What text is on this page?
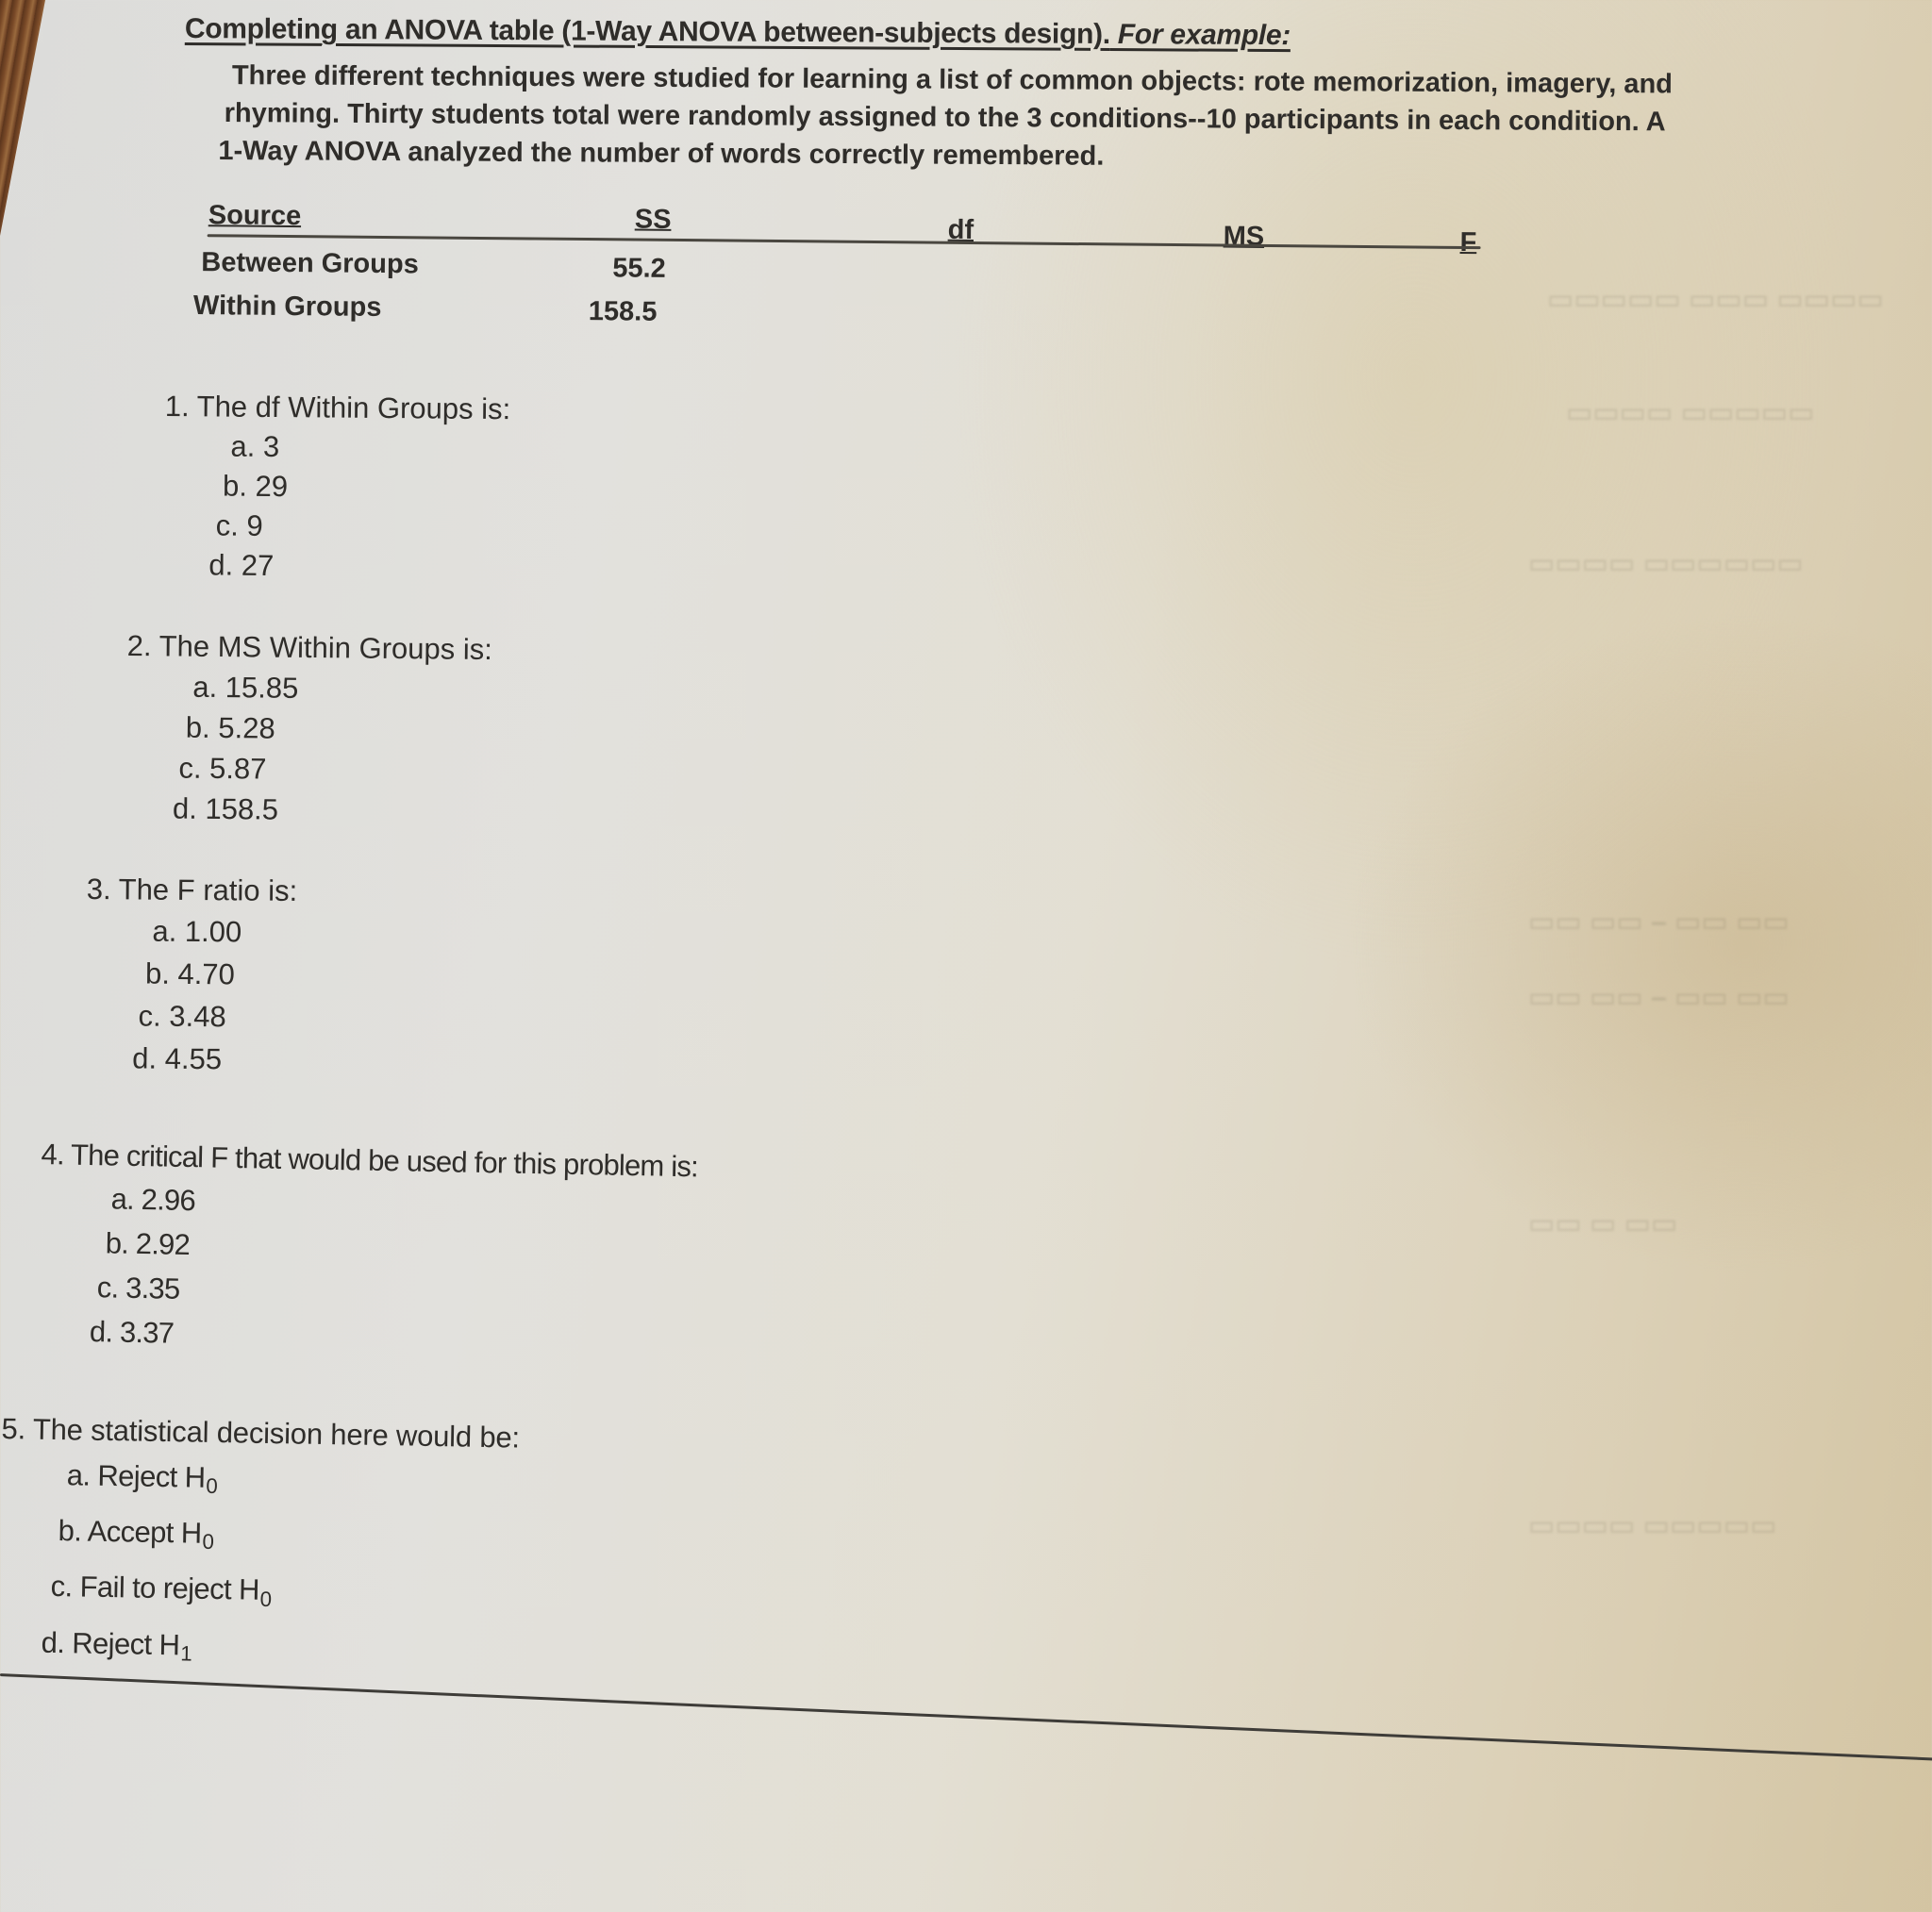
▭▭▭▭ ▭▭▭ ▭▭▭▭▭
▭▭▭▭▭ ▭▭▭▭
▭▭▭▭▭▭ ▭▭▭▭
▭▭ ▭▭ – ▭▭ ▭▭
▭▭ ▭▭ – ▭▭ ▭▭
▭▭ ▭ ▭▭
▭▭▭▭▭ ▭▭▭▭
Completing an ANOVA table (1-Way ANOVA between-subjects design). For example:
Three different techniques were studied for learning a list of common objects: rote memorization, imagery, and
rhyming. Thirty students total were randomly assigned to the 3 conditions--10 participants in each condition. A
1-Way ANOVA analyzed the number of words correctly remembered.
Source	SS	df	MS	F
Between Groups	55.2
Within Groups	158.5
1. The df Within Groups is:
a. 3
b. 29
c. 9
d. 27
2. The MS Within Groups is:
a. 15.85
b. 5.28
c. 5.87
d. 158.5
3. The F ratio is:
a. 1.00
b. 4.70
c. 3.48
d. 4.55
4. The critical F that would be used for this problem is:
a. 2.96
b. 2.92
c. 3.35
d. 3.37
5. The statistical decision here would be:
a. Reject $H_0$
b. Accept $H_0$
c. Fail to reject $H_0$
d. Reject $H_1$
